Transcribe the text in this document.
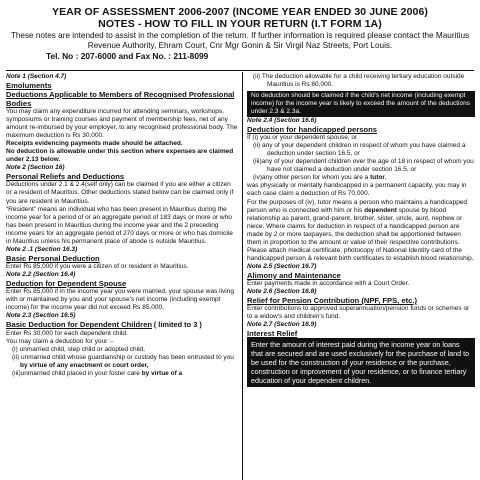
YEAR OF ASSESSMENT 2006-2007 (INCOME YEAR ENDED 30 JUNE 2006)
NOTES - HOW TO FILL IN YOUR RETURN (I.T FORM 1A)
These notes are intended to assist in the completion of the return. If further information is required please contact the Mauritius Revenue Authority, Ehram Court, Cnr Mgr Gonin & Sir Virgil Naz Streets, Port Louis.
Tel. No : 207-6000 and Fax No. : 211-8099
Note 1 (Section 4.7)
Emoluments
Deductions Applicable to Members of Recognised Professional Bodies

You may claim any expenditure incurred for attending seminars, workshops, symposiums or training courses and payment of membership fees, net of any amount re-imbursed by your employer, to any recognised professional body. The maximum deduction is Rs 30,000.

Receipts evidencing payments made should be attached.
No deduction is allowable under this section where expenses are claimed under 2.13 below.
Note 2 (Section 16)
Personal Reliefs and Deductions

Deductions under 2.1 & 2.4(self only) can be claimed if you are either a citizen or a resident of Mauritius. Other deductions stated below can be claimed only if you are resident in Mauritius.

“Resident” means an individual who has been present in Mauritius during the income year for a period of or an aggregate period of 183 days or more or who has been present in Mauritius during the income year and the 2 preceding income years for an aggregate period of 270 days or more or who has domicile in Mauritius unless his permanent place of abode is outside Mauritius.

Note 2 .1 (Section 16.3)
Basic Personal Deduction

Enter Rs 85,000 if you were a citizen of or resident in Mauritius.

Note 2.2 (Section 16.4)
Deduction for Dependent Spouse

Enter Rs 85,000 if in the income year you were married, your spouse was living with or maintained by you and your spouse's net income (including exempt income) for the income year did not exceed Rs 85,000.

Note 2.3 (Section 16.5)
Basic Deduction for Dependent Children ( limited to 3 )

Enter Rs 30,000 for each dependent child.

You may claim a deduction for your :-

(i) unmarried child, step child or adopted child,
(ii) unmarried child whose guardianship or custody has been entrusted to you by virtue of any enactment or court order,
(iii)unmarried child placed in your foster care by virtue of a
(ii) The deduction allowable for a child receiving tertiary education outside Mauritius is Rs 80,000.
No deduction should be claimed if the child's net income (including exempt income) for the income year is likely to exceed the amount of the deductions under 2.3 & 2.3a.
Note 2.4 (Section 16.6)
Deduction for handicapped persons
If (i) you or your dependent spouse, or
(ii) any of your dependent children in respect of whom you have claimed a deduction under section 16.5, or
(iii)any of your dependent children over the age of 18 in respect of whom you have not claimed a deduction under section 16.5, or
(iv)any other person for whom you are a tutor,

was physically or mentally handicapped in a permanent capacity, you may in each case claim a deduction of Rs 70,000.

For the purposes of (iv), tutor means a person who maintains a handicapped person who is connected with him or his dependent spouse by blood relationship as parent, grand-parent, brother, sister, uncle, aunt, nephew or niece. Where claims for deduction in respect of a handicapped person are made by 2 or more taxpayers, the deduction shall be apportioned between them in proportion to the amount or value of their respective contributions.

Please attach medical certificate, photocopy of National Identity card of the handicapped person & relevant birth certificates to establish blood relationship.

Note 2.5 (Section 16.7)
Alimony and Maintenance

Enter payments made in accordance with a Court Order.

Note 2.6 (Section 16.8)
Relief for Pension Contribution (NPF, FPS, etc.)

Enter contributions to approved superannuation/pension funds or schemes or to a widow's and children's fund.

Note 2.7 (Section 16.9)
Interest Relief
Enter the amount of interest paid during the income year on loans that are secured and are used exclusively for the purchase of land to be used for the construction of your residence or the purchase, construction or improvement of your residence, or to finance tertiary education of your dependent children.
